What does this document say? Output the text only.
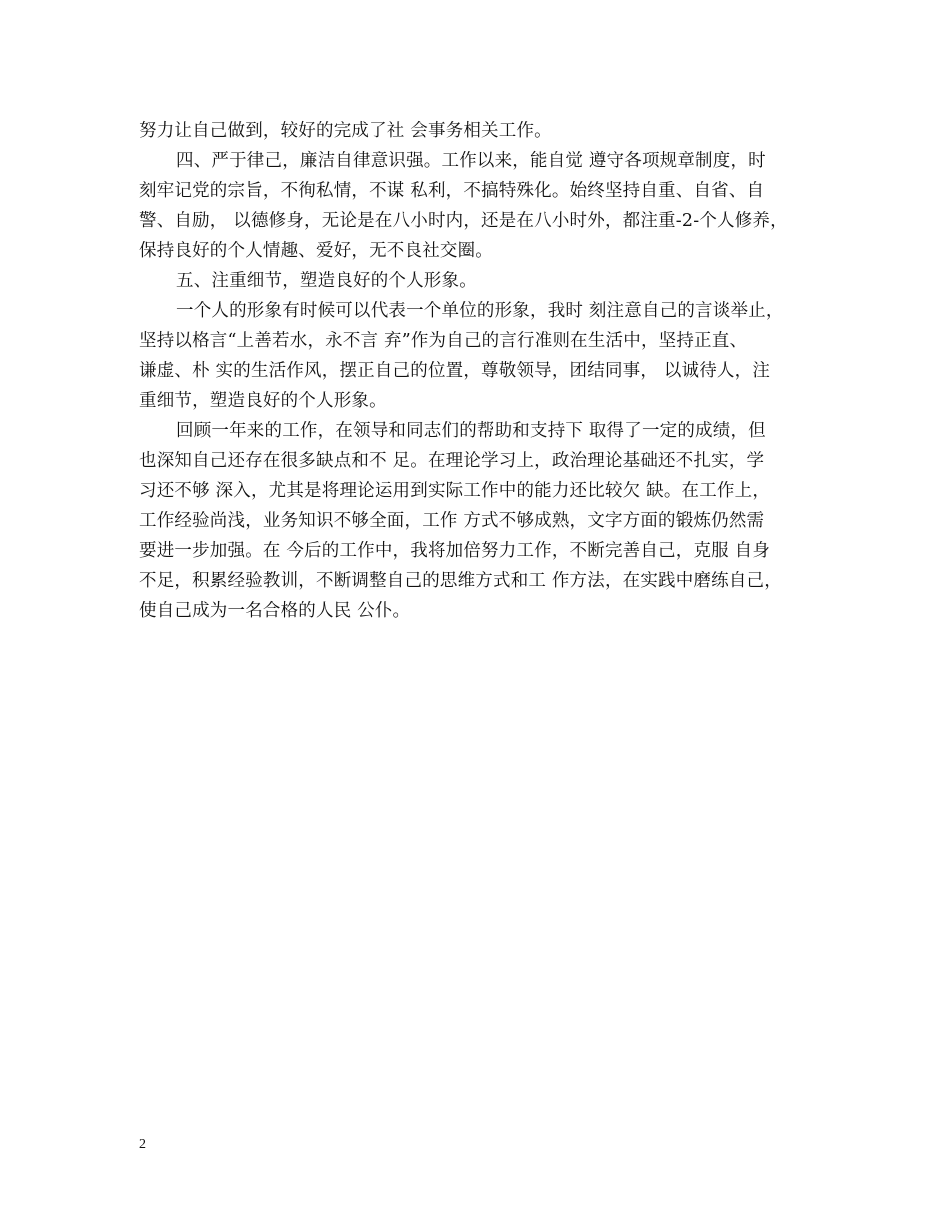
努力让自己做到，较好的完成了社 会事务相关工作。
四、严于律己，廉洁自律意识强。工作以来，能自觉 遵守各项规章制度，时
刻牢记党的宗旨，不徇私情，不谋 私利，不搞特殊化。始终坚持自重、自省、自
警、自励， 以德修身，无论是在八小时内，还是在八小时外，都注重-2-个人修养，
保持良好的个人情趣、爱好，无不良社交圈。
五、注重细节，塑造良好的个人形象。
一个人的形象有时候可以代表一个单位的形象，我时 刻注意自己的言谈举止，
坚持以格言“上善若水，永不言 弃”作为自己的言行准则在生活中，坚持正直、
谦虚、朴 实的生活作风，摆正自己的位置，尊敬领导，团结同事， 以诚待人，注
重细节，塑造良好的个人形象。
回顾一年来的工作，在领导和同志们的帮助和支持下 取得了一定的成绩，但
也深知自己还存在很多缺点和不 足。在理论学习上，政治理论基础还不扎实，学
习还不够 深入，尤其是将理论运用到实际工作中的能力还比较欠 缺。在工作上，
工作经验尚浅，业务知识不够全面，工作 方式不够成熟，文字方面的锻炼仍然需
要进一步加强。在 今后的工作中，我将加倍努力工作，不断完善自己，克服 自身
不足，积累经验教训，不断调整自己的思维方式和工 作方法，在实践中磨练自己，
使自己成为一名合格的人民 公仆。
2
